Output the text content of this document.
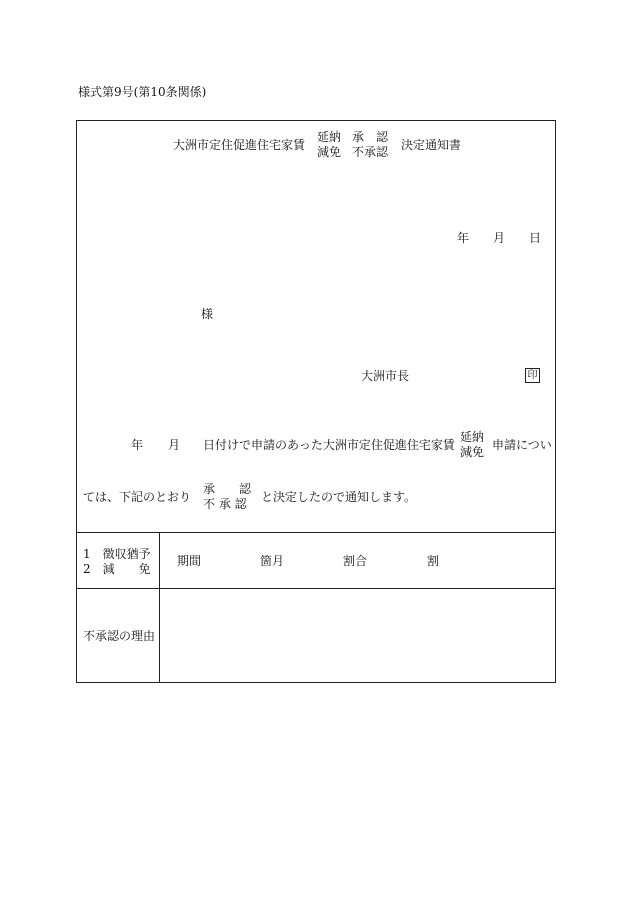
様式第9号(第10条関係)
大洲市定住促進住宅家賃
延納
減免
承　認
不承認 決定通知書
年 月 日
様
大洲市長	印
年 月 日付けで申請のあった大洲市定住促進住宅家賃
延納
減免 申請につい
ては、下記のとおり
承　　認
不 承 認	と決定したので通知します。
1　徴収猶予
2　減　　免
期間	箇月	割合	割
不承認の理由
